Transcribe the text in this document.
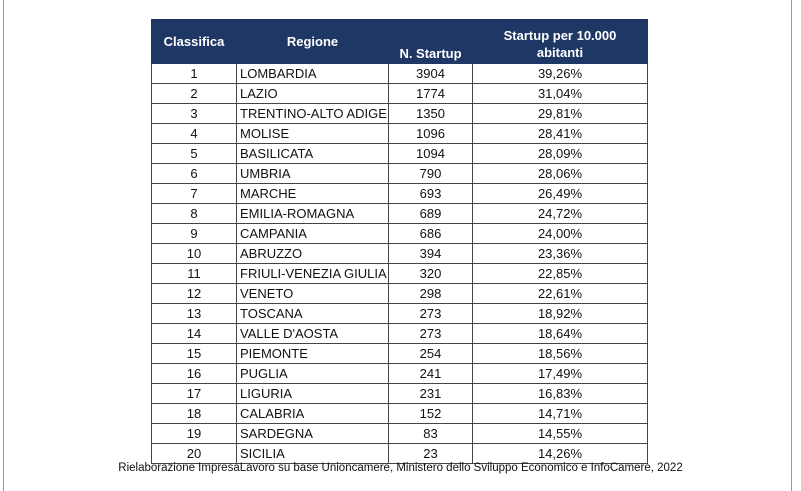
Classifica	Regione	N. Startup	Startup per 10.000
abitanti

1	LOMBARDIA	3904	39,26%
2	LAZIO	1774	31,04%
3	TRENTINO-ALTO ADIGE	1350	29,81%
4	MOLISE	1096	28,41%
5	BASILICATA	1094	28,09%
6	UMBRIA	790	28,06%
7	MARCHE	693	26,49%
8	EMILIA-ROMAGNA	689	24,72%
9	CAMPANIA	686	24,00%
10	ABRUZZO	394	23,36%
11	FRIULI-VENEZIA GIULIA	320	22,85%
12	VENETO	298	22,61%
13	TOSCANA	273	18,92%
14	VALLE D'AOSTA	273	18,64%
15	PIEMONTE	254	18,56%
16	PUGLIA	241	17,49%
17	LIGURIA	231	16,83%
18	CALABRIA	152	14,71%
19	SARDEGNA	83	14,55%
20	SICILIA	23	14,26%
Rielaborazione ImpresaLavoro su base Unioncamere, Ministero dello Sviluppo Economico e InfoCamere, 2022
